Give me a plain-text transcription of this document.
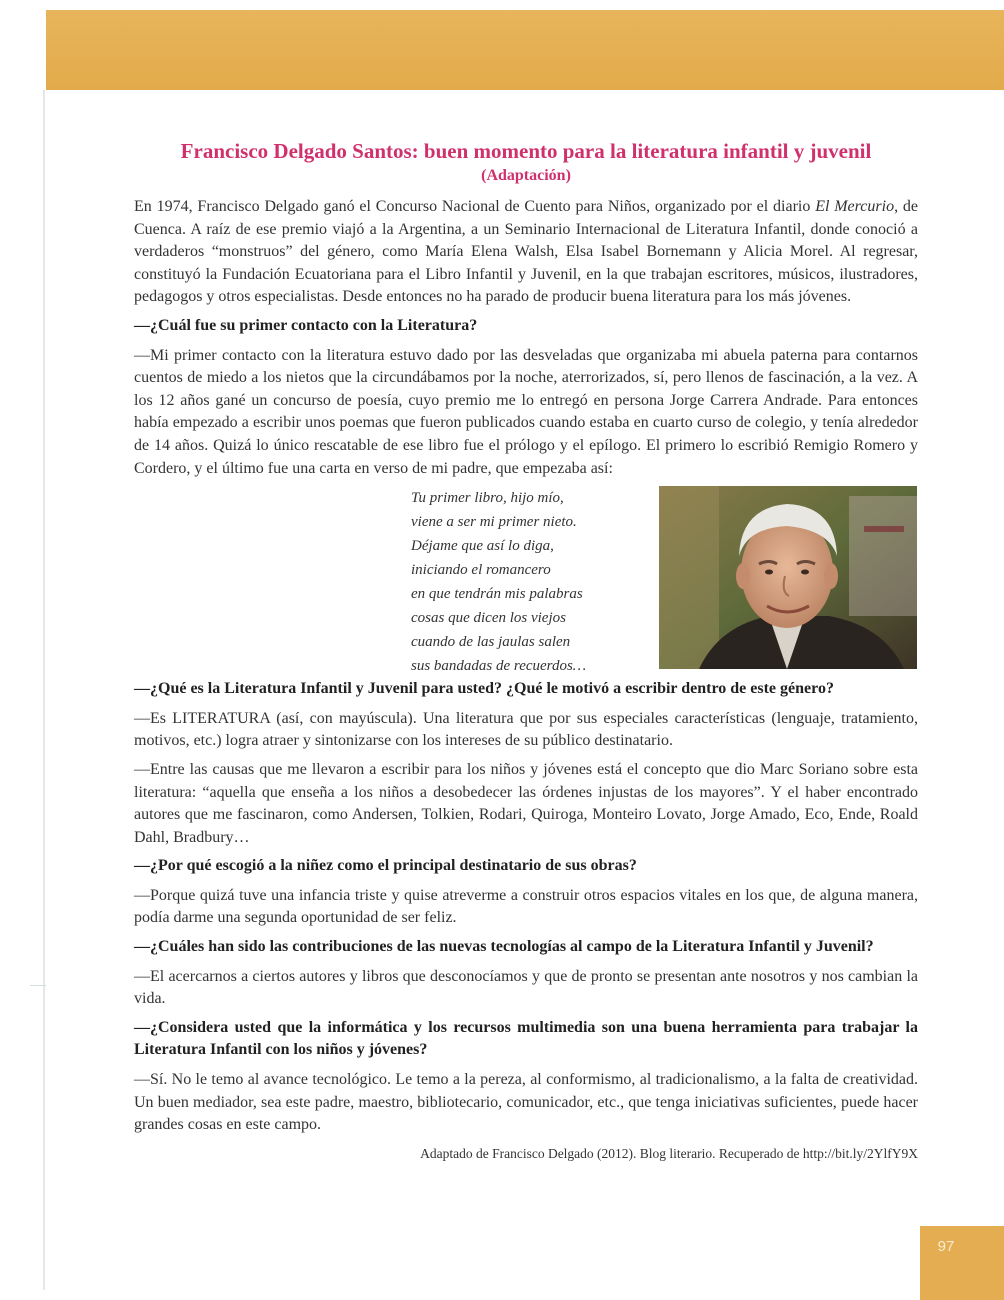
Francisco Delgado Santos: buen momento para la literatura infantil y juvenil
(Adaptación)

En 1974, Francisco Delgado ganó el Concurso Nacional de Cuento para Niños, organizado por el diario El Mercurio, de Cuenca. A raíz de ese premio viajó a la Argentina, a un Seminario Internacional de Literatura Infantil, donde conoció a verdaderos “monstruos” del género, como María Elena Walsh, Elsa Isabel Bornemann y Alicia Morel. Al regresar, constituyó la Fundación Ecuatoriana para el Libro Infantil y Juvenil, en la que trabajan escritores, músicos, ilustradores, pedagogos y otros especialistas. Desde entonces no ha parado de producir buena literatura para los más jóvenes.

—¿Cuál fue su primer contacto con la Literatura?

—Mi primer contacto con la literatura estuvo dado por las desveladas que organizaba mi abuela paterna para contarnos cuentos de miedo a los nietos que la circundábamos por la noche, aterrorizados, sí, pero llenos de fascinación, a la vez. A los 12 años gané un concurso de poesía, cuyo premio me lo entregó en persona Jorge Carrera Andrade. Para entonces había empezado a escribir unos poemas que fueron publicados cuando estaba en cuarto curso de colegio, y tenía alrededor de 14 años. Quizá lo único rescatable de ese libro fue el prólogo y el epílogo. El primero lo escribió Remigio Romero y Cordero, y el último fue una carta en verso de mi padre, que empezaba así:

Tu primer libro, hijo mío,
viene a ser mi primer nieto.
Déjame que así lo diga,
iniciando el romancero
en que tendrán mis palabras
cosas que dicen los viejos
cuando de las jaulas salen
sus bandadas de recuerdos…

—¿Qué es la Literatura Infantil y Juvenil para usted? ¿Qué le motivó a escribir dentro de este género?

—Es LITERATURA (así, con mayúscula). Una literatura que por sus especiales características (lenguaje, tratamiento, motivos, etc.) logra atraer y sintonizarse con los intereses de su público destinatario.

—Entre las causas que me llevaron a escribir para los niños y jóvenes está el concepto que dio Marc Soriano sobre esta literatura: “aquella que enseña a los niños a desobedecer las órdenes injustas de los mayores”. Y el haber encontrado autores que me fascinaron, como Andersen, Tolkien, Rodari, Quiroga, Monteiro Lovato, Jorge Amado, Eco, Ende, Roald Dahl, Bradbury…

—¿Por qué escogió a la niñez como el principal destinatario de sus obras?

—Porque quizá tuve una infancia triste y quise atreverme a construir otros espacios vitales en los que, de alguna manera, podía darme una segunda oportunidad de ser feliz.

—¿Cuáles han sido las contribuciones de las nuevas tecnologías al campo de la Literatura Infantil y Juvenil?

—El acercarnos a ciertos autores y libros que desconocíamos y que de pronto se presentan ante nosotros y nos cambian la vida.

—¿Considera usted que la informática y los recursos multimedia son una buena herramienta para trabajar la Literatura Infantil con los niños y jóvenes?

—Sí. No le temo al avance tecnológico. Le temo a la pereza, al conformismo, al tradicionalismo, a la falta de creatividad. Un buen mediador, sea este padre, maestro, bibliotecario, comunicador, etc., que tenga iniciativas suficientes, puede hacer grandes cosas en este campo.

Adaptado de Francisco Delgado (2012). Blog literario. Recuperado de http://bit.ly/2YlfY9X

97
